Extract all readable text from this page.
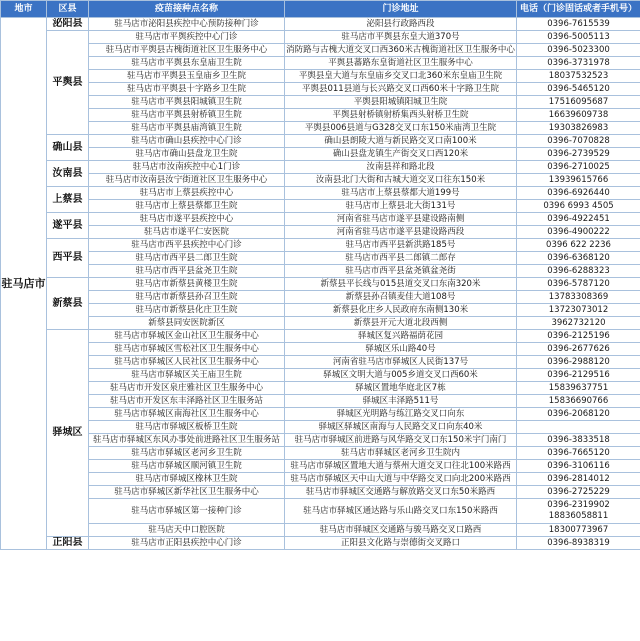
地市	区县	疫苗接种点名称	门诊地址	电话（门诊固话或者手机号）
驻马店市	泌阳县	驻马店市泌阳县疾控中心预防接种门诊	泌阳县行政路西段	0396-7615539
	平舆县	驻马店市平舆疾控中心门诊	驻马店市平舆县东皇大道370号	0396-5005113
		驻马店市平舆县古槐街道社区卫生服务中心	消防路与古槐大道交叉口西360米古槐街道社区卫生服务中心	0396-5023300
		驻马店市平舆县东皇庙卫生院	平舆县蕃路东皇街道社区卫生服务中心	0396-3731978
		驻马店市平舆县玉皇庙乡卫生院	平舆县皇大道与东皇庙乡交叉口北360米东皇庙卫生院	18037532523
		驻马店市平舆县十字路乡卫生院	平舆县011县道与长兴路交叉口西60米十字路卫生院	0396-5465120
		驻马店市平舆县阳城镇卫生院	平舆县阳城镇阳城卫生院	17516095687
		驻马店市平舆县射桥镇卫生院	平舆县射桥镇射桥集西头射桥卫生院	16639609738
		驻马店市平舆县庙湾镇卫生院	平舆县006县道与G328交叉口东150米庙湾卫生院	19303826983
	确山县	驻马店市确山县疾控中心门诊	确山县朗陵大道与新民路交叉口南100米	0396-7070828
		驻马店市确山县盘龙卫生院	确山县盘龙镇生产街交叉口西120米	0396-2739529
	汝南县	驻马店市汝南疾控中心1门诊	汝南县祥和路北段	0396-2710025
		驻马店市汝南县汝宁街道社区卫生服务中心	汝南县北门大街和古城大道交叉口往东150米	13939615766
	上蔡县	驻马店市上蔡县疾控中心	驻马店市上蔡县蔡都大道199号	0396-6926440
		驻马店市上蔡县蔡都卫生院	驻马店市上蔡县北大街131号	0396 6993 4505
	遂平县	驻马店市遂平县疾控中心	河南省驻马店市遂平县建设路南侧	0396-4922451
		驻马店市遂平仁安医院	河南省驻马店市遂平县建设路西段	0396-4900222
	西平县	驻马店市西平县疾控中心门诊	驻马店市西平县新洪路185号	0396 622 2236
		驻马店市西平县二郎卫生院	驻马店市西平县二郎镇二郎存	0396-6368120
		驻马店市西平县盆尧卫生院	驻马店市西平县盆尧镇盆尧街	0396-6288323
	新蔡县	驻马店市新蔡县黄楼卫生院	新蔡县平长线与015县道交叉口东南320米	0396-5787120
		驻马店市新蔡县孙召卫生院	新蔡县孙召镇麦佳大道108号	13783308369
		驻马店市新蔡县化庄卫生院	新蔡县化庄乡人民政府东南侧130米	13723073012
		新蔡县同安医院新区	新蔡县开元大道北段西侧	3962732120
	驿城区	驻马店市驿城区金山社区卫生服务中心	驿城区复兴路福荫花园	0396-2125196
		驻马店市驿城区雪松社区卫生服务中心	驿城区乐山路40号	0396-2677626
		驻马店市驿城区人民社区卫生服务中心	河南省驻马店市驿城区人民街137号	0396-2988120
		驻马店市驿城区关王庙卫生院	驿城区文明大道与005乡道交叉口西60米	0396-2129516
		驻马店市开发区泉庄雅社区卫生服务中心	驿城区置地华庭北区7栋	15839637751
		驻马店市开发区东丰泽路社区卫生服务站	驿城区丰泽路511号	15836690766
		驻马店市驿城区南海社区卫生服务中心	驿城区光明路与练江路交叉口向东	0396-2068120
		驻马店市驿城区板桥卫生院	驿城区驿城区南海与人民路交叉口向东40米	
		驻马店市驿城区东风办事处前进路社区卫生服务站	驻马店市驿城区前进路与风华路交叉口东150米宇门南门	0396-3833518
		驻马店市驿城区老河乡卫生院	驻马店市驿城区老河乡卫生院内	0396-7665120
		驻马店市驿城区顺河镇卫生院	驻马店市驿城区置地大道与蔡州大道交叉口往北100米路西	0396-3106116
		驻马店市驿城区橡林卫生院	驻马店市驿城区天中山大道与中华路交叉口向北200米路西	0396-2814012
		驻马店市驿城区新华社区卫生服务中心	驻马店市驿城区交通路与解放路交叉口东50米路西	0396-2725229
		驻马店市驿城区第一接种门诊	驻马店市驿城区通达路与乐山路交叉口东150米路西	0396-2319902 18836058811
		驻马店天中口腔医院	驻马店市驿城区交通路与骏马路交叉口路西	18300773967
	正阳县	驻马店市正阳县疾控中心门诊	正阳县文化路与崇德街交叉路口	0396-8938319
